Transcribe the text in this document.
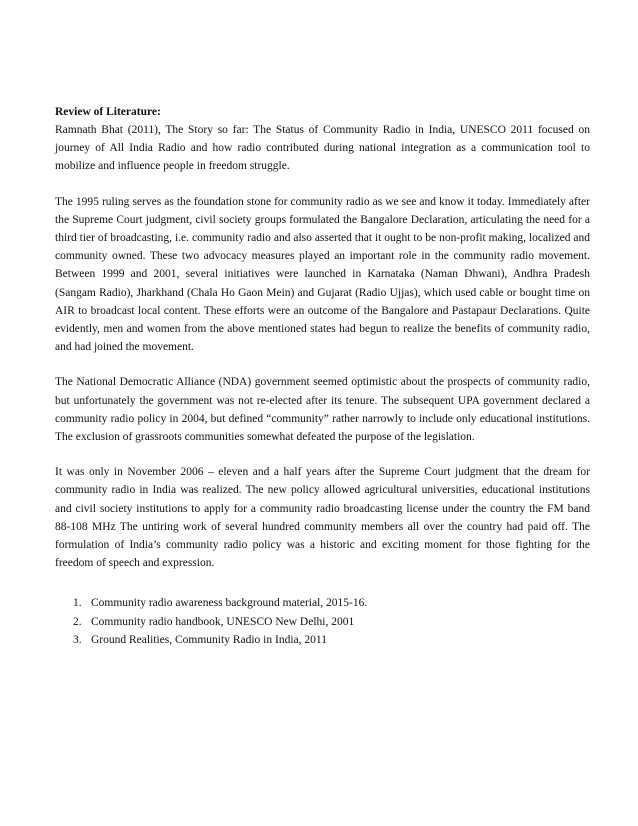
Review of Literature:

Ramnath Bhat (2011), The Story so far: The Status of Community Radio in India, UNESCO 2011 focused on journey of All India Radio and how radio contributed during national integration as a communication tool to mobilize and influence people in freedom struggle.

The 1995 ruling serves as the foundation stone for community radio as we see and know it today. Immediately after the Supreme Court judgment, civil society groups formulated the Bangalore Declaration, articulating the need for a third tier of broadcasting, i.e. community radio and also asserted that it ought to be non-profit making, localized and community owned. These two advocacy measures played an important role in the community radio movement. Between 1999 and 2001, several initiatives were launched in Karnataka (Naman Dhwani), Andhra Pradesh (Sangam Radio), Jharkhand (Chala Ho Gaon Mein) and Gujarat (Radio Ujjas), which used cable or bought time on AIR to broadcast local content. These efforts were an outcome of the Bangalore and Pastapaur Declarations. Quite evidently, men and women from the above mentioned states had begun to realize the benefits of community radio, and had joined the movement.

The National Democratic Alliance (NDA) government seemed optimistic about the prospects of community radio, but unfortunately the government was not re-elected after its tenure. The subsequent UPA government declared a community radio policy in 2004, but defined “community” rather narrowly to include only educational institutions. The exclusion of grassroots communities somewhat defeated the purpose of the legislation.

It was only in November 2006 – eleven and a half years after the Supreme Court judgment that the dream for community radio in India was realized. The new policy allowed agricultural universities, educational institutions and civil society institutions to apply for a community radio broadcasting license under the country the FM band 88-108 MHz The untiring work of several hundred community members all over the country had paid off. The formulation of India’s community radio policy was a historic and exciting moment for those fighting for the freedom of speech and expression.

1. Community radio awareness background material, 2015-16.
2. Community radio handbook, UNESCO New Delhi, 2001
3. Ground Realities, Community Radio in India, 2011
